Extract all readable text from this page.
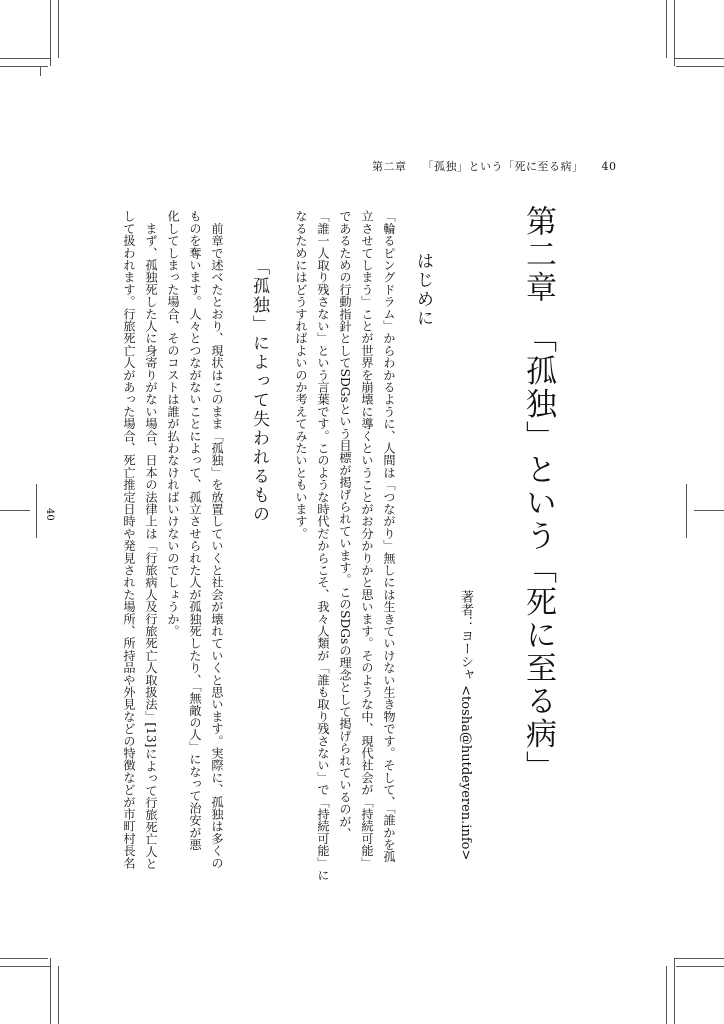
第二章 「孤独」という「死に至る病」 40
40	第二章　「孤独」という「死に至る病」
著者：ヨーシャ <tosha@hutdeyeren.info>
はじめに

「輪るピングドラム」からわかるように、人間は「つながり」無しには生きていけない生き物です。そして、「誰かを孤

立させてしまう」ことが世界を崩壊に導くということがお分かりかと思います。そのような中、現代社会が「持続可能」

であるための行動指針としてSDGsという目標が掲げられています。このSDGsの理念として掲げられているのが、

「誰一人取り残さない」という言葉です。このような時代だからこそ、我々人類が「誰も取り残さない」で「持続可能」に

なるためにはどうすればよいのか考えてみたいともいます。

「孤独」によって失われるもの

　前章で述べたとおり、現状はこのまま「孤独」を放置していくと社会が壊れていくと思います。実際に、孤独は多くの

ものを奪います。人々とつながないことによって、孤立させられた人が孤独死したり、「無敵の人」になって治安が悪

化してしまった場合、そのコストは誰が払わなければいけないのでしょうか。

　まず、孤独死した人に身寄りがない場合、日本の法律上は「行旅病人及行旅死亡人取扱法」[13]によって行旅死亡人と

して扱われます。行旅死亡人があった場合、死亡推定日時や発見された場所、所持品や外見などの特徴などが市町村長名
